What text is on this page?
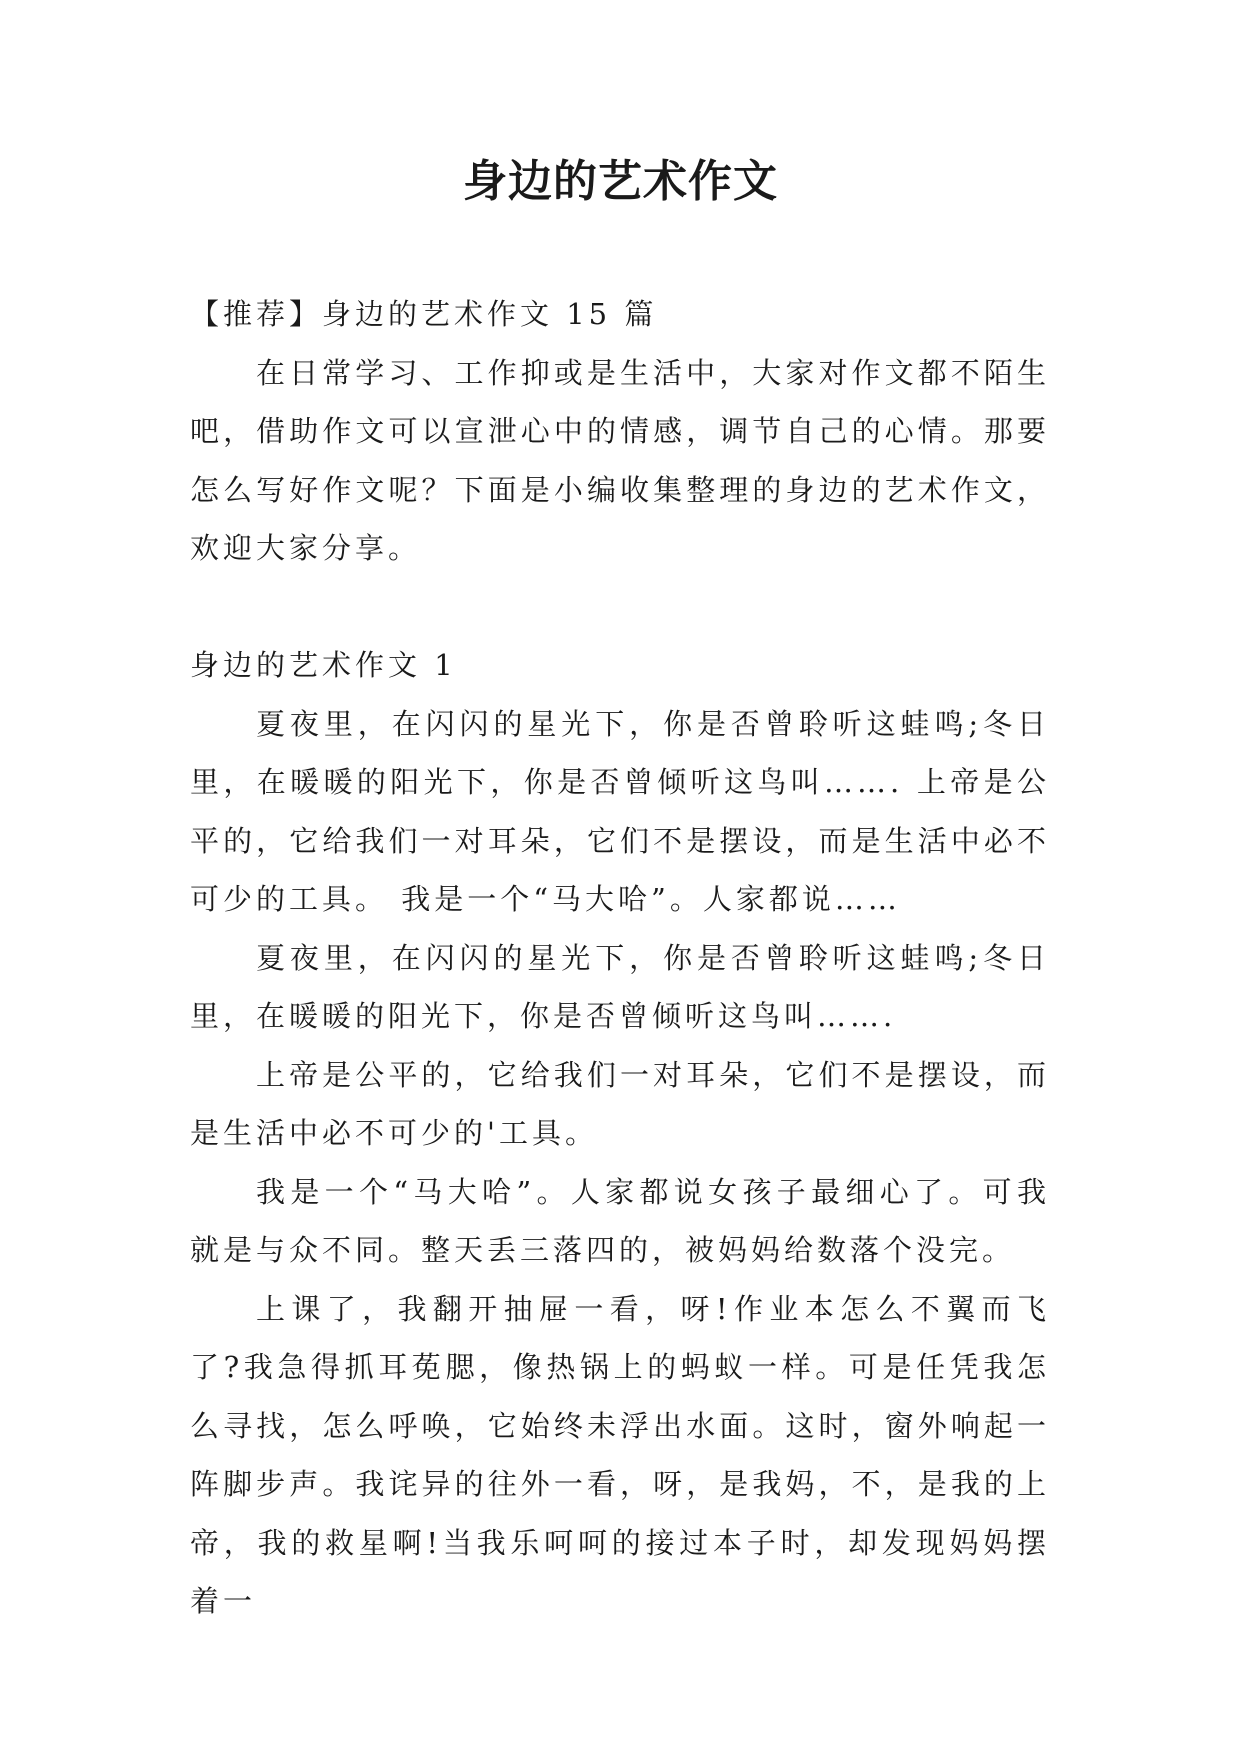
身边的艺术作文

【推荐】身边的艺术作文 15 篇

在日常学习、工作抑或是生活中，大家对作文都不陌生吧，借助作文可以宣泄心中的情感，调节自己的心情。那要怎么写好作文呢？下面是小编收集整理的身边的艺术作文，欢迎大家分享。

身边的艺术作文 1

夏夜里，在闪闪的星光下，你是否曾聆听这蛙鸣;冬日里，在暖暖的阳光下，你是否曾倾听这鸟叫……. 上帝是公平的，它给我们一对耳朵，它们不是摆设，而是生活中必不可少的工具。 我是一个“马大哈”。人家都说……

夏夜里，在闪闪的星光下，你是否曾聆听这蛙鸣;冬日里，在暖暖的阳光下，你是否曾倾听这鸟叫…….

上帝是公平的，它给我们一对耳朵，它们不是摆设，而是生活中必不可少的'工具。

我是一个“马大哈”。人家都说女孩子最细心了。可我就是与众不同。整天丢三落四的，被妈妈给数落个没完。

上课了，我翻开抽屉一看，呀!作业本怎么不翼而飞了?我急得抓耳莬腮，像热锅上的蚂蚁一样。可是任凭我怎么寻找，怎么呼唤，它始终未浮出水面。这时，窗外响起一阵脚步声。我诧异的往外一看，呀，是我妈，不，是我的上帝，我的救星啊!当我乐呵呵的接过本子时，却发现妈妈摆着一
